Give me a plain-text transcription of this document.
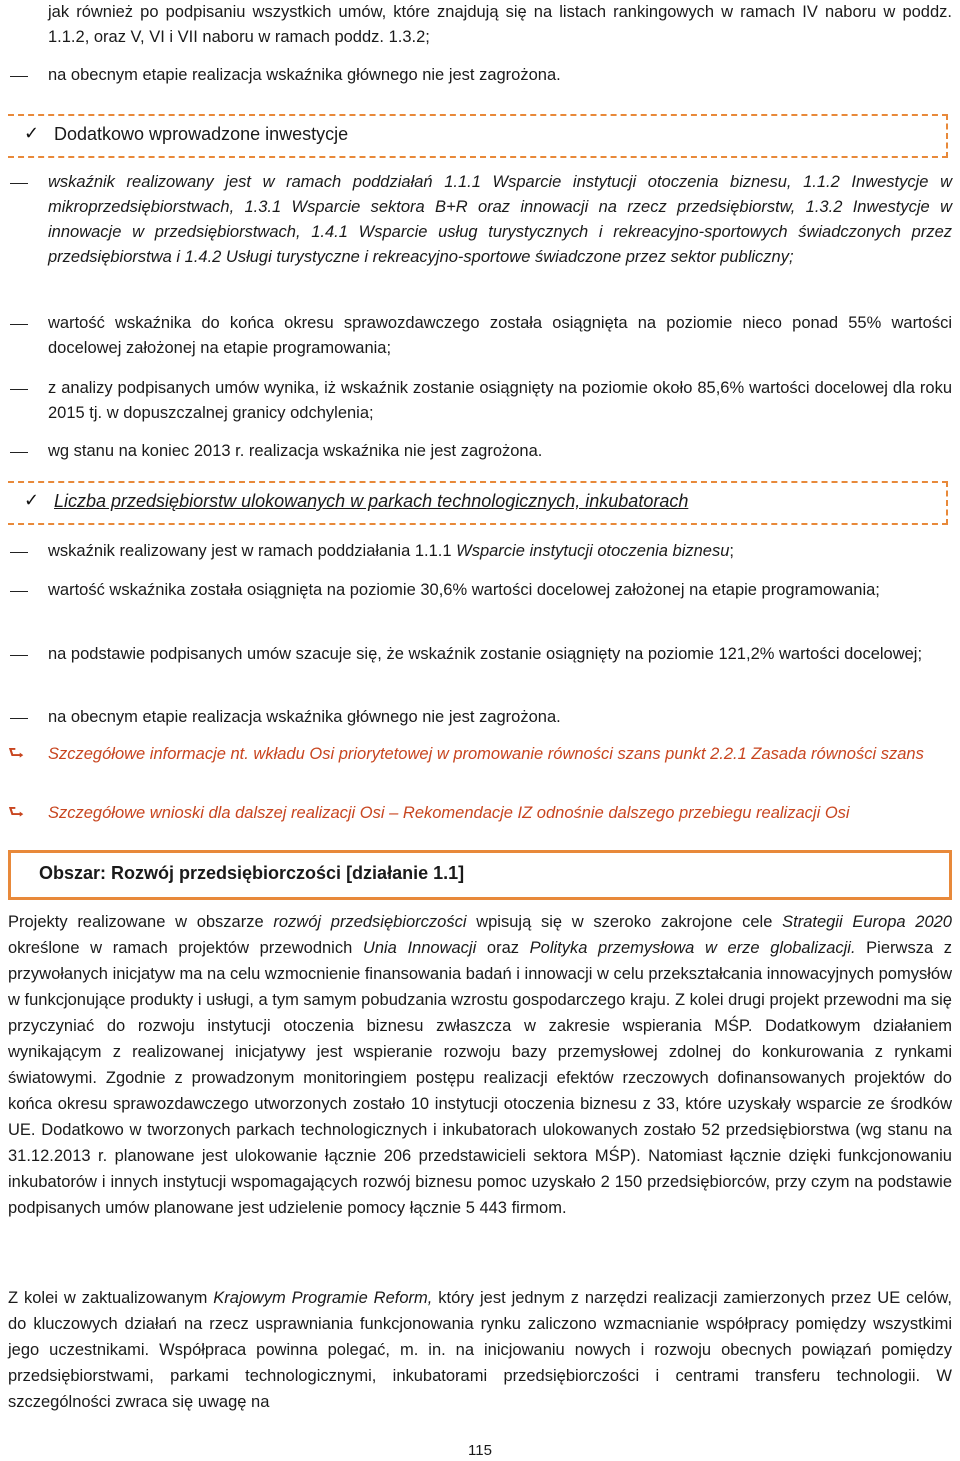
jak również po podpisaniu wszystkich umów, które znajdują się na listach rankingowych w ramach IV naboru w poddz. 1.1.2, oraz V, VI i VII naboru w ramach poddz. 1.3.2;

na obecnym etapie realizacja wskaźnika głównego nie jest zagrożona.

✓ Dodatkowo wprowadzone inwestycje

wskaźnik realizowany jest w ramach poddziałań 1.1.1 Wsparcie instytucji otoczenia biznesu, 1.1.2 Inwestycje w mikroprzedsiębiorstwach, 1.3.1 Wsparcie sektora B+R oraz innowacji na rzecz przedsiębiorstw, 1.3.2 Inwestycje w innowacje w przedsiębiorstwach, 1.4.1 Wsparcie usług turystycznych i rekreacyjno-sportowych świadczonych przez przedsiębiorstwa i 1.4.2 Usługi turystyczne i rekreacyjno-sportowe świadczone przez sektor publiczny;

wartość wskaźnika do końca okresu sprawozdawczego została osiągnięta na poziomie nieco ponad 55% wartości docelowej założonej na etapie programowania;

z analizy podpisanych umów wynika, iż wskaźnik zostanie osiągnięty na poziomie około 85,6% wartości docelowej dla roku 2015 tj. w dopuszczalnej granicy odchylenia;

wg stanu na koniec 2013 r. realizacja wskaźnika nie jest zagrożona.

✓ Liczba przedsiębiorstw ulokowanych w parkach technologicznych, inkubatorach

wskaźnik realizowany jest w ramach poddziałania 1.1.1 Wsparcie instytucji otoczenia biznesu;

wartość wskaźnika została osiągnięta na poziomie 30,6% wartości docelowej założonej na etapie programowania;

na podstawie podpisanych umów szacuje się, że wskaźnik zostanie osiągnięty na poziomie 121,2% wartości docelowej;

na obecnym etapie realizacja wskaźnika głównego nie jest zagrożona.

⮑ Szczegółowe informacje nt. wkładu Osi priorytetowej w promowanie równości szans punkt 2.2.1 Zasada równości szans
⮑ Szczegółowe wnioski dla dalszej realizacji Osi – Rekomendacje IZ odnośnie dalszego przebiegu realizacji Osi
Obszar: Rozwój przedsiębiorczości [działanie 1.1]

Projekty realizowane w obszarze rozwój przedsiębiorczości wpisują się w szeroko zakrojone cele Strategii Europa 2020 określone w ramach projektów przewodnich Unia Innowacji oraz Polityka przemysłowa w erze globalizacji. Pierwsza z przywołanych inicjatyw ma na celu wzmocnienie finansowania badań i innowacji w celu przekształcania innowacyjnych pomysłów w funkcjonujące produkty i usługi, a tym samym pobudzania wzrostu gospodarczego kraju. Z kolei drugi projekt przewodni ma się przyczyniać do rozwoju instytucji otoczenia biznesu zwłaszcza w zakresie wspierania MŚP. Dodatkowym działaniem wynikającym z realizowanej inicjatywy jest wspieranie rozwoju bazy przemysłowej zdolnej do konkurowania z rynkami światowymi. Zgodnie z prowadzonym monitoringiem postępu realizacji efektów rzeczowych dofinansowanych projektów do końca okresu sprawozdawczego utworzonych zostało 10 instytucji otoczenia biznesu z 33, które uzyskały wsparcie ze środków UE. Dodatkowo w tworzonych parkach technologicznych i inkubatorach ulokowanych zostało 52 przedsiębiorstwa (wg stanu na 31.12.2013 r. planowane jest ulokowanie łącznie 206 przedstawicieli sektora MŚP). Natomiast łącznie dzięki funkcjonowaniu inkubatorów i innych instytucji wspomagających rozwój biznesu pomoc uzyskało 2 150 przedsiębiorców, przy czym na podstawie podpisanych umów planowane jest udzielenie pomocy łącznie 5 443 firmom.

Z kolei w zaktualizowanym Krajowym Programie Reform, który jest jednym z narzędzi realizacji zamierzonych przez UE celów, do kluczowych działań na rzecz usprawniania funkcjonowania rynku zaliczono wzmacnianie współpracy pomiędzy wszystkimi jego uczestnikami. Współpraca powinna polegać, m. in. na inicjowaniu nowych i rozwoju obecnych powiązań pomiędzy przedsiębiorstwami, parkami technologicznymi, inkubatorami przedsiębiorczości i centrami transferu technologii. W szczególności zwraca się uwagę na

115
